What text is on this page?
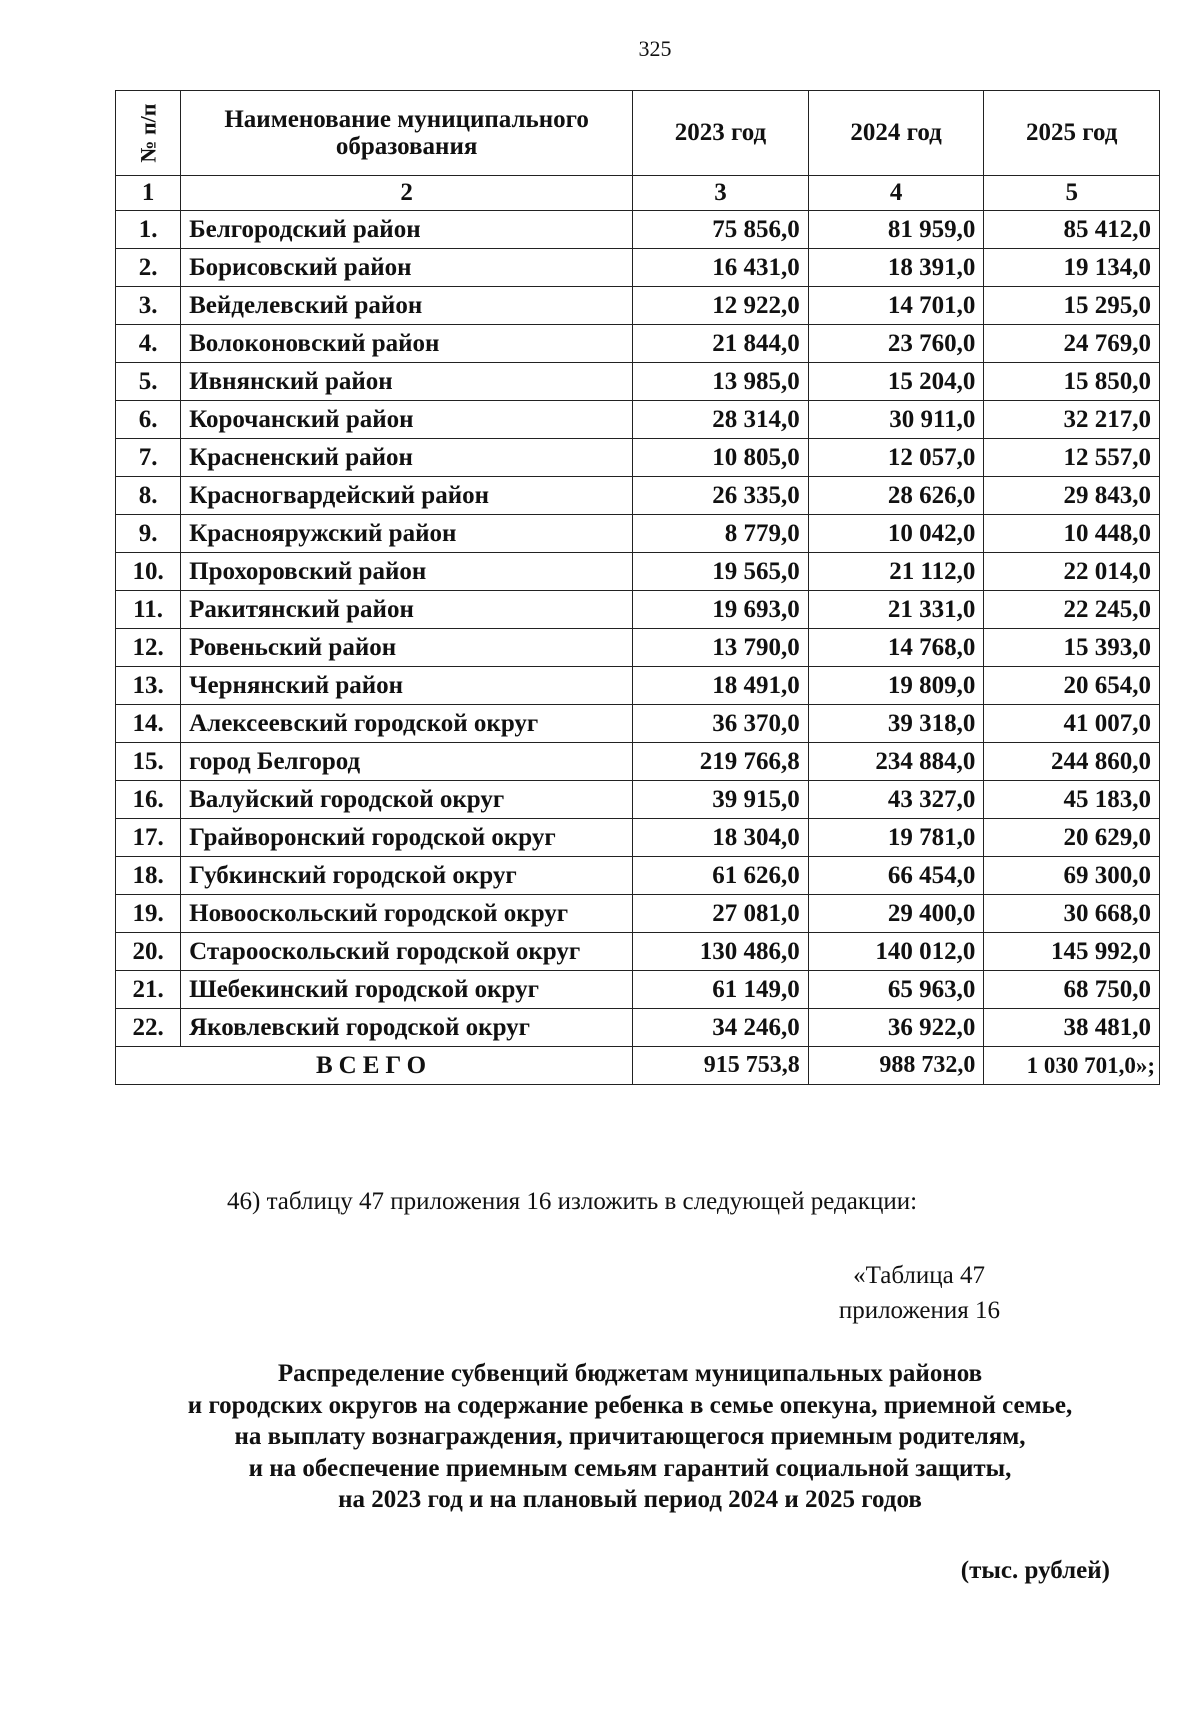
325
№ п/п	Наименование муниципального образования	2023 год	2024 год	2025 год
1	2	3	4	5
1.	Белгородский район	75 856,0	81 959,0	85 412,0
2.	Борисовский район	16 431,0	18 391,0	19 134,0
3.	Вейделевский район	12 922,0	14 701,0	15 295,0
4.	Волоконовский район	21 844,0	23 760,0	24 769,0
5.	Ивнянский район	13 985,0	15 204,0	15 850,0
6.	Корочанский район	28 314,0	30 911,0	32 217,0
7.	Красненский район	10 805,0	12 057,0	12 557,0
8.	Красногвардейский район	26 335,0	28 626,0	29 843,0
9.	Краснояружский район	8 779,0	10 042,0	10 448,0
10.	Прохоровский район	19 565,0	21 112,0	22 014,0
11.	Ракитянский район	19 693,0	21 331,0	22 245,0
12.	Ровеньский район	13 790,0	14 768,0	15 393,0
13.	Чернянский район	18 491,0	19 809,0	20 654,0
14.	Алексеевский городской округ	36 370,0	39 318,0	41 007,0
15.	город Белгород	219 766,8	234 884,0	244 860,0
16.	Валуйский городской округ	39 915,0	43 327,0	45 183,0
17.	Грайворонский городской округ	18 304,0	19 781,0	20 629,0
18.	Губкинский городской округ	61 626,0	66 454,0	69 300,0
19.	Новооскольский городской округ	27 081,0	29 400,0	30 668,0
20.	Старооскольский городской округ	130 486,0	140 012,0	145 992,0
21.	Шебекинский городской округ	61 149,0	65 963,0	68 750,0
22.	Яковлевский городской округ	34 246,0	36 922,0	38 481,0
ВСЕГО		915 753,8	988 732,0	1 030 701,0»;
46) таблицу 47 приложения 16 изложить в следующей редакции:
«Таблица 47
приложения 16
Распределение субвенций бюджетам муниципальных районов
и городских округов на содержание ребенка в семье опекуна, приемной семье,
на выплату вознаграждения, причитающегося приемным родителям,
и на обеспечение приемным семьям гарантий социальной защиты,
на 2023 год и на плановый период 2024 и 2025 годов
(тыс. рублей)
